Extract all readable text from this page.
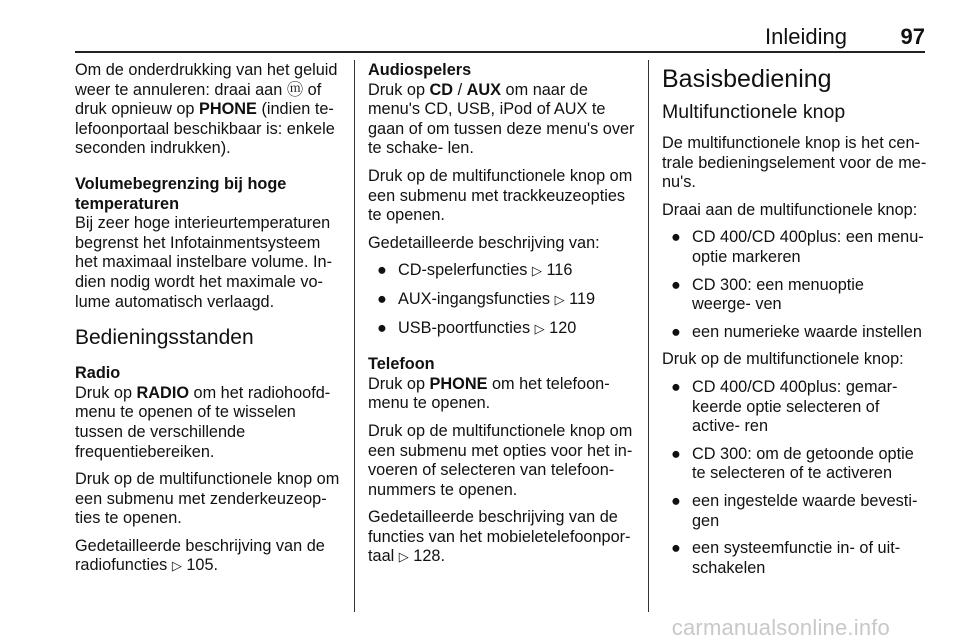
Inleiding 97

Om de onderdrukking van het geluid weer te annuleren: draai aan ⓜ of druk opnieuw op PHONE (indien te- lefoonportaal beschikbaar is: enkele seconden indrukken).

Volumebegrenzing bij hoge temperaturen

Bij zeer hoge interieurtemperaturen begrenst het Infotainmentsysteem het maximaal instelbare volume. In- dien nodig wordt het maximale vo- lume automatisch verlaagd.

Bedieningsstanden
Radio

Druk op RADIO om het radiohoofd- menu te openen of te wisselen tussen de verschillende frequentiebereiken.

Druk op de multifunctionele knop om een submenu met zenderkeuzeop- ties te openen.

Gedetailleerde beschrijving van de radiofuncties ▷ 105.

Audiospelers

Druk op CD / AUX om naar de menu's CD, USB, iPod of AUX te gaan of om tussen deze menu's over te schake- len.

Druk op de multifunctionele knop om een submenu met trackkeuzeopties te openen.

Gedetailleerde beschrijving van:

● CD-spelerfuncties ▷ 116
● AUX-ingangsfuncties ▷ 119
● USB-poortfuncties ▷ 120
Telefoon

Druk op PHONE om het telefoon- menu te openen.

Druk op de multifunctionele knop om een submenu met opties voor het in- voeren of selecteren van telefoon- nummers te openen.

Gedetailleerde beschrijving van de functies van het mobieletelefoonpor- taal ▷ 128.

Basisbediening
Multifunctionele knop

De multifunctionele knop is het cen- trale bedieningselement voor de me- nu's.

Draai aan de multifunctionele knop:

● CD 400/CD 400plus: een menu- optie markeren
● CD 300: een menuoptie weerge- ven
● een numerieke waarde instellen

Druk op de multifunctionele knop:

● CD 400/CD 400plus: gemar- keerde optie selecteren of active- ren
● CD 300: om de getoonde optie te selecteren of te activeren
● een ingestelde waarde bevesti- gen
● een systeemfunctie in- of uit- schakelen
carmanualsonline.info
